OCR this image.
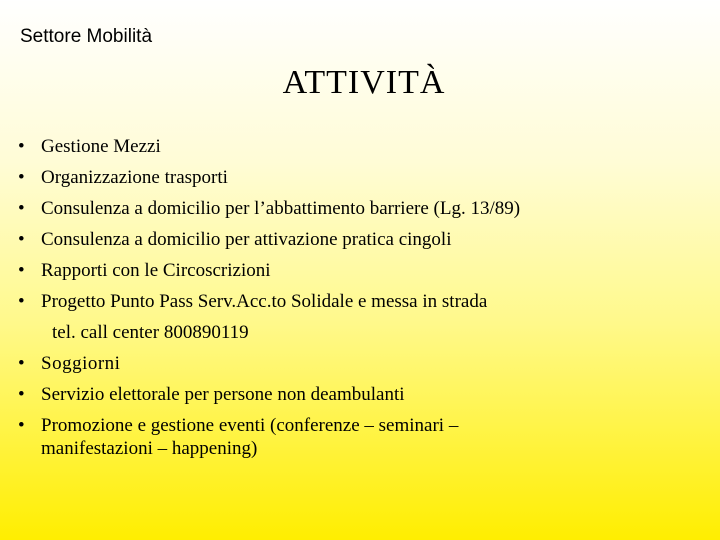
Settore Mobilità
ATTIVITÀ
• Gestione Mezzi
• Organizzazione trasporti
• Consulenza a domicilio per l’abbattimento barriere (Lg. 13/89)
• Consulenza a domicilio per attivazione pratica cingoli
• Rapporti con le Circoscrizioni
• Progetto Punto Pass Serv.Acc.to Solidale e messa in strada
tel. call center 800890119
• Soggiorni
• Servizio elettorale per persone non deambulanti
• Promozione e gestione eventi (conferenze – seminari –
manifestazioni – happening)
